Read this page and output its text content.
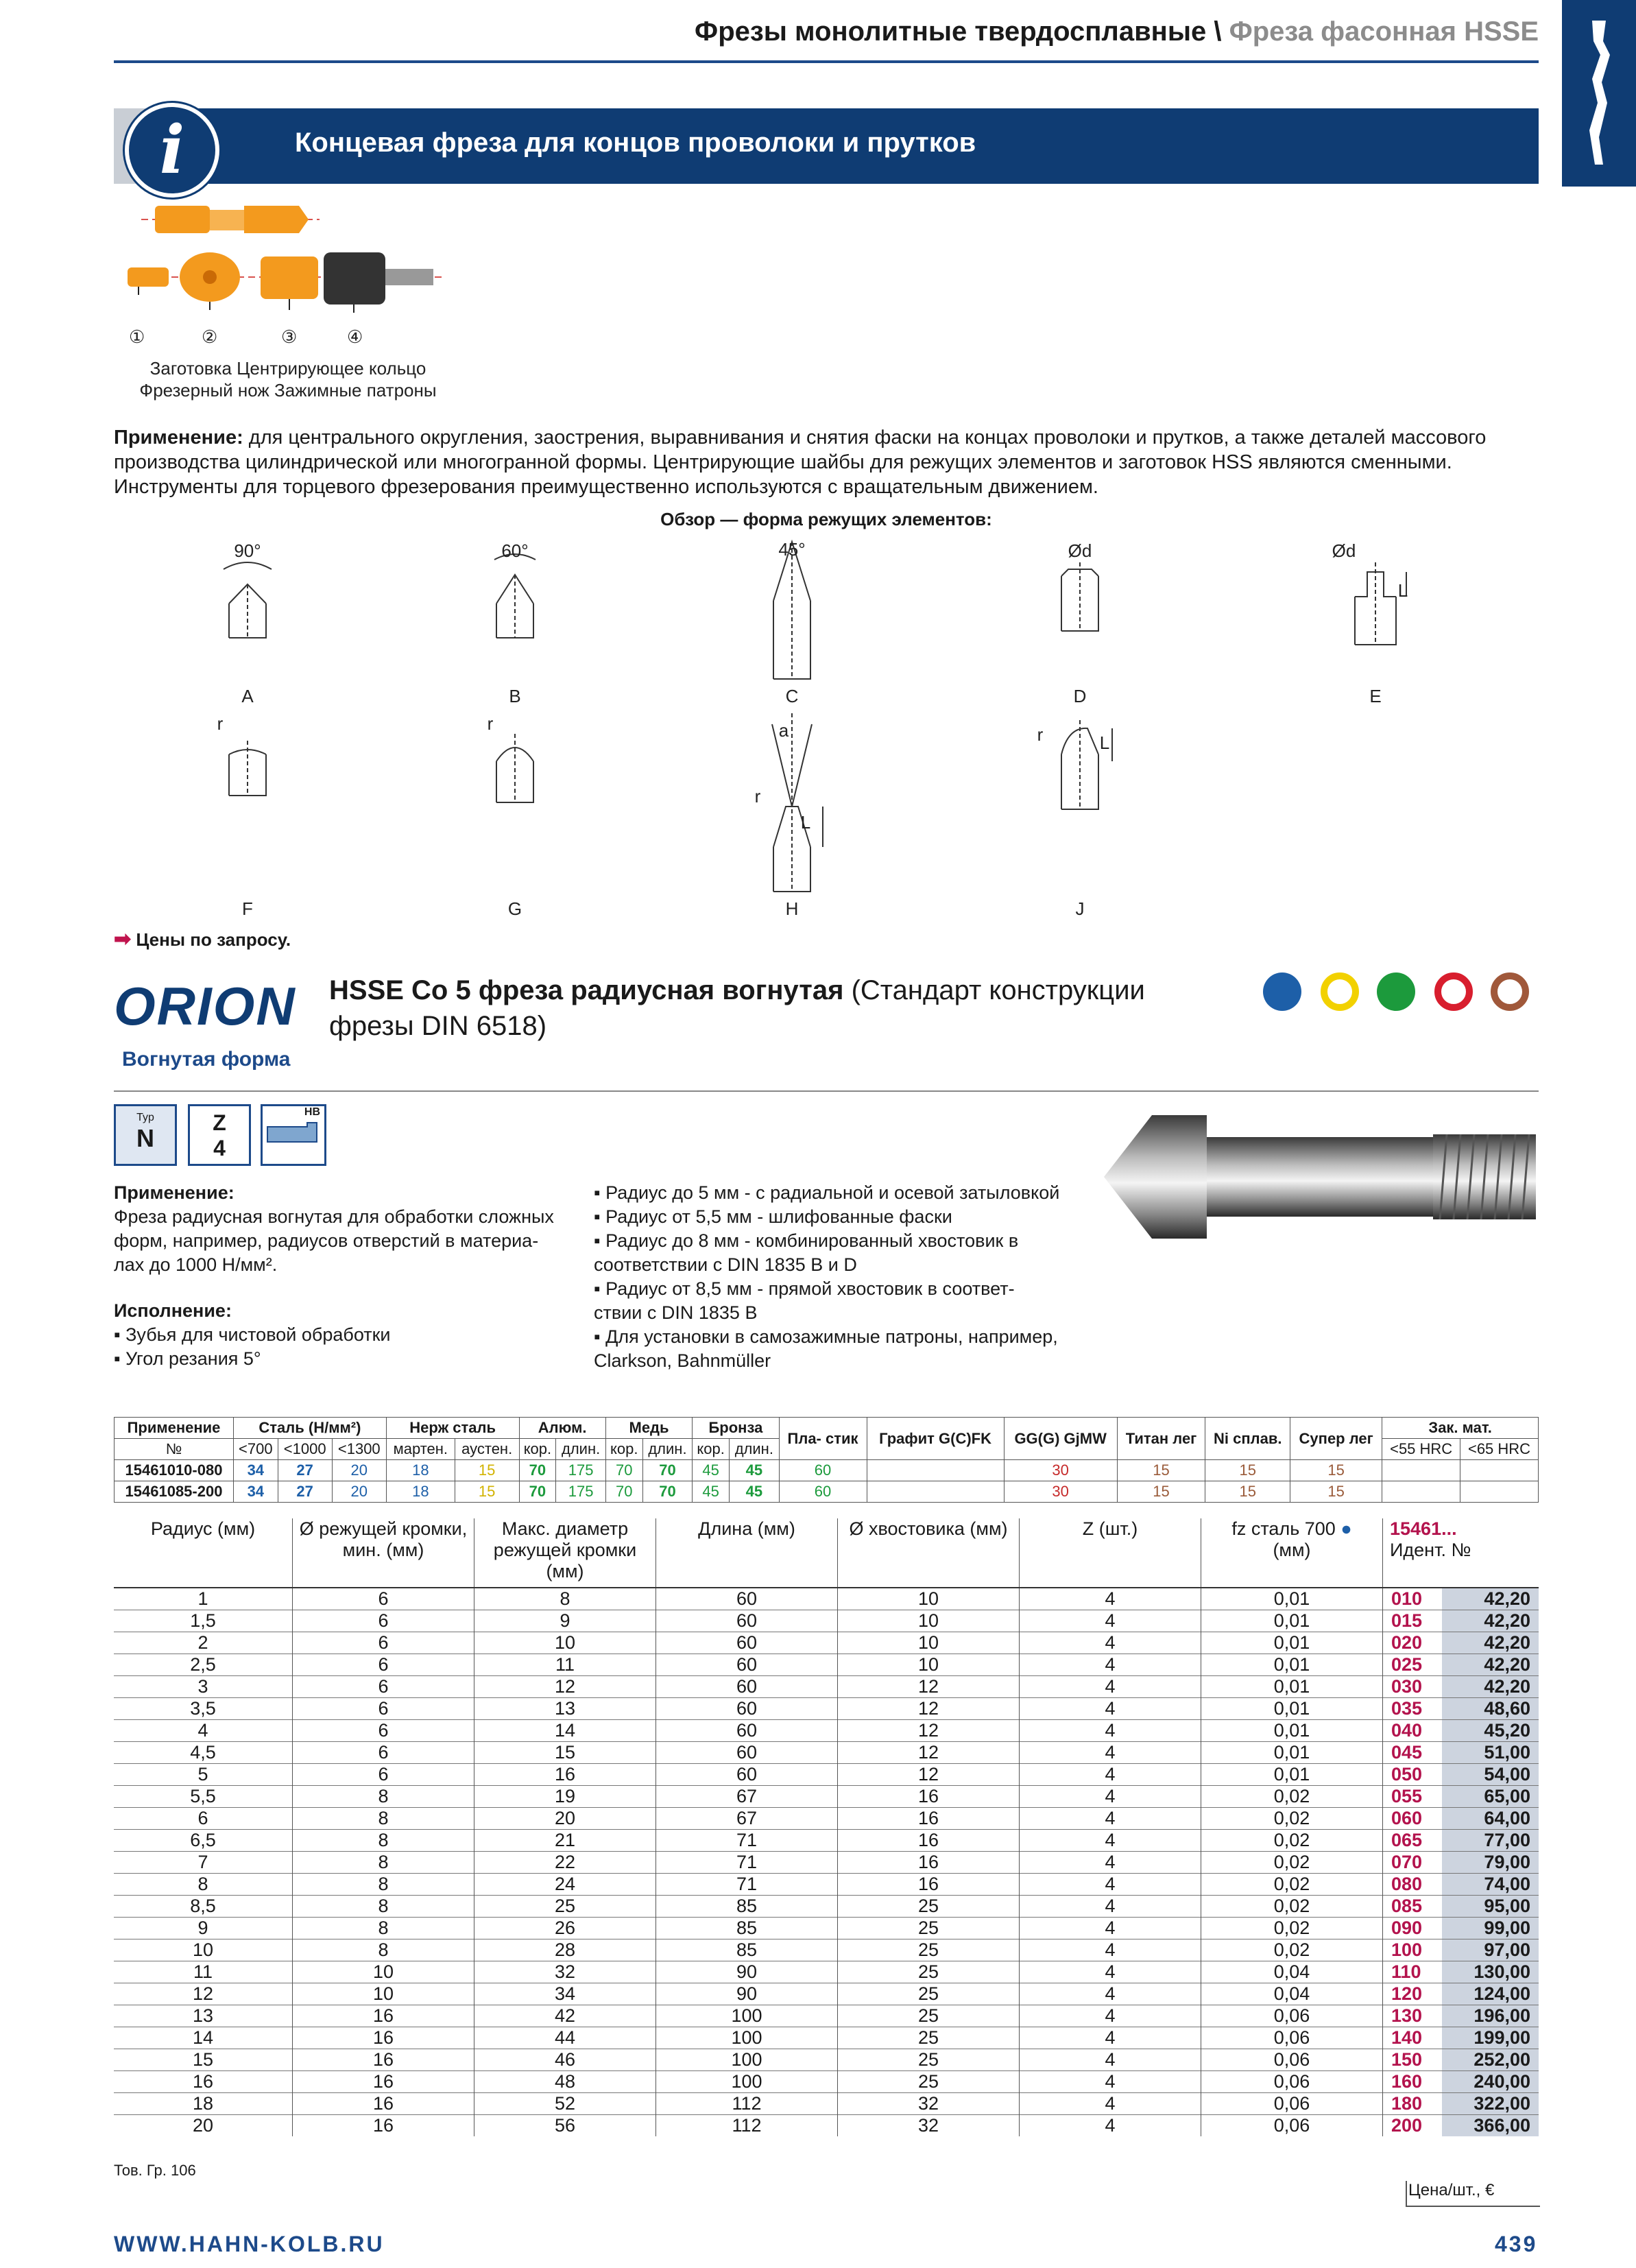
Фрезы монолитные твердосплавные \ Фреза фасонная HSSE
Концевая фреза для концов проволоки и прутков
i
①	②	③	④
Заготовка Центрирующее кольцо
Фрезерный нож Зажимные патроны
Применение: для центрального округления, заострения, выравнивания и снятия фаски на концах проволоки и прутков, а также деталей массового производства цилиндрической или многогранной формы. Центрирующие шайбы для режущих элементов и заготовок HSS являются сменными. Инструменты для торцевого фрезерования преимущественно используются с вращательным движением.
Обзор — форма режущих элементов:
90°	60°	45°	Ød	Ød
L
A	B	C	D	E
r	r	a
r
L
r	L
F	G	H	J
➡ Цены по запросу.
ORION HSSE Co 5 фреза радиусная вогнутая (Стандарт конструкции фрезы DIN 6518)
Вогнутая форма
Typ
N
Z
4
HB
Применение:
Фреза радиусная вогнутая для обработки сложных форм, например, радиусов отверстий в материа- лах до 1000 Н/мм².
Исполнение:
▪ Зубья для чистовой обработки
▪ Угол резания 5°
▪ Радиус до 5 мм - с радиальной и осевой затыловкой
▪ Радиус от 5,5 мм - шлифованные фаски
▪ Радиус до 8 мм - комбинированный хвостовик в соответствии с DIN 1835 B и D
▪ Радиус от 8,5 мм - прямой хвостовик в соответ- ствии с DIN 1835 B
▪ Для установки в самозажимные патроны, например, Clarkson, Bahnmüller
Применение	Сталь (Н/мм²)			Нерж сталь		Алюм.		Медь		Бронза		Пла- стик	Графит G(C)FK	GG(G) GjMW	Титан лег	Ni сплав.	Супер лег	Зак. мат.	
№	<700	<1000	<1300	мартен.	аустен.	кор.	длин.	кор.	длин.	кор.	длин.							<55 HRC	<65 HRC
15461010-080	34	27	20	18	15	70	175	70	70	45	45	60		30	15	15	15		
15461085-200	34	27	20	18	15	70	175	70	70	45	45	60		30	15	15	15		
Радиус (мм)	Ø режущей кромки, мин. (мм)	Макс. диаметр режущей кромки (мм)	Длина (мм)	Ø хвостовика (мм)	Z (шт.)	fz сталь 700 ●
(мм)	15461...
Идент. №	
1	6	8	60	10	4	0,01	010	42,20
1,5	6	9	60	10	4	0,01	015	42,20
2	6	10	60	10	4	0,01	020	42,20
2,5	6	11	60	10	4	0,01	025	42,20
3	6	12	60	12	4	0,01	030	42,20
3,5	6	13	60	12	4	0,01	035	48,60
4	6	14	60	12	4	0,01	040	45,20
4,5	6	15	60	12	4	0,01	045	51,00
5	6	16	60	12	4	0,01	050	54,00
5,5	8	19	67	16	4	0,02	055	65,00
6	8	20	67	16	4	0,02	060	64,00
6,5	8	21	71	16	4	0,02	065	77,00
7	8	22	71	16	4	0,02	070	79,00
8	8	24	71	16	4	0,02	080	74,00
8,5	8	25	85	25	4	0,02	085	95,00
9	8	26	85	25	4	0,02	090	99,00
10	8	28	85	25	4	0,02	100	97,00
11	10	32	90	25	4	0,04	110	130,00
12	10	34	90	25	4	0,04	120	124,00
13	16	42	100	25	4	0,06	130	196,00
14	16	44	100	25	4	0,06	140	199,00
15	16	46	100	25	4	0,06	150	252,00
16	16	48	100	25	4	0,06	160	240,00
18	16	52	112	32	4	0,06	180	322,00
20	16	56	112	32	4	0,06	200	366,00
Цена/шт., €
Тов. Гр. 106
WWW.HAHN-KOLB.RU	439
